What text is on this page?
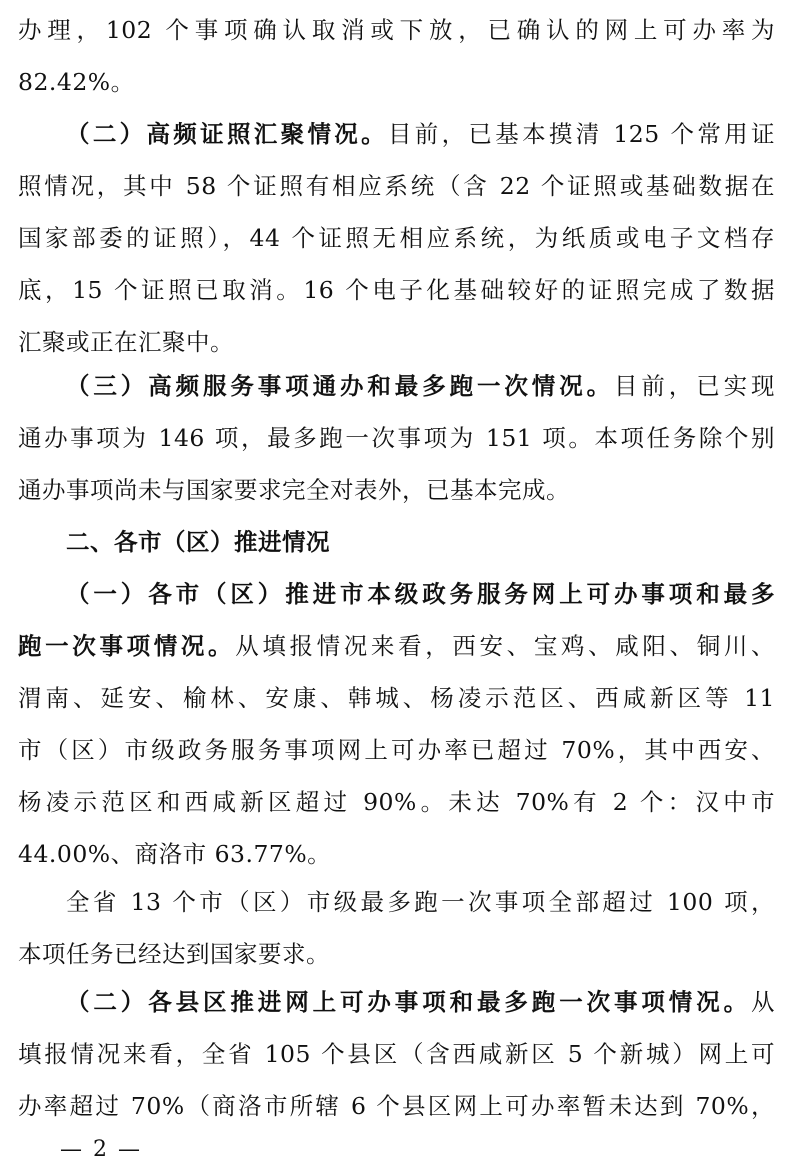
办理，102 个事项确认取消或下放，已确认的网上可办率为
82.42%。
（二）高频证照汇聚情况。目前，已基本摸清 125 个常用证
照情况，其中 58 个证照有相应系统（含 22 个证照或基础数据在
国家部委的证照），44 个证照无相应系统，为纸质或电子文档存
底，15 个证照已取消。16 个电子化基础较好的证照完成了数据
汇聚或正在汇聚中。
（三）高频服务事项通办和最多跑一次情况。目前，已实现
通办事项为 146 项，最多跑一次事项为 151 项。本项任务除个别
通办事项尚未与国家要求完全对表外，已基本完成。
二、各市（区）推进情况
（一）各市（区）推进市本级政务服务网上可办事项和最多
跑一次事项情况。从填报情况来看，西安、宝鸡、咸阳、铜川、
渭南、延安、榆林、安康、韩城、杨凌示范区、西咸新区等 11
市（区）市级政务服务事项网上可办率已超过 70%，其中西安、
杨凌示范区和西咸新区超过 90%。未达 70%有 2 个：汉中市
44.00%、商洛市 63.77%。
全省 13 个市（区）市级最多跑一次事项全部超过 100 项，
本项任务已经达到国家要求。
（二）各县区推进网上可办事项和最多跑一次事项情况。从
填报情况来看，全省 105 个县区（含西咸新区 5 个新城）网上可
办率超过 70%（商洛市所辖 6 个县区网上可办率暂未达到 70%，
— 2 —
